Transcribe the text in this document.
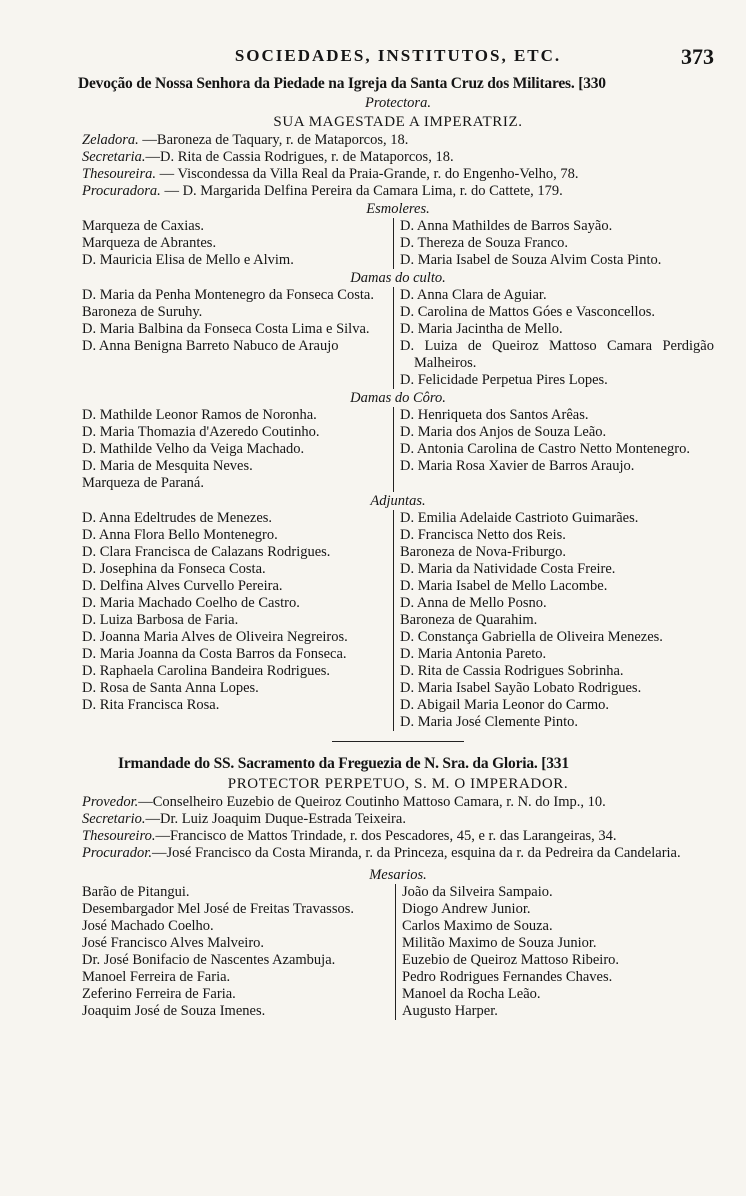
SOCIEDADES, INSTITUTOS, ETC.	373
Devoção de Nossa Senhora da Piedade na Igreja da Santa Cruz dos Militares. [330
Protectora.
SUA MAGESTADE A IMPERATRIZ.
Zeladora. —Baroneza de Taquary, r. de Mataporcos, 18.
Secretaria.—D. Rita de Cassia Rodrigues, r. de Mataporcos, 18.
Thesoureira. — Viscondessa da Villa Real da Praia-Grande, r. do Engenho-Velho, 78.
Procuradora. — D. Margarida Delfina Pereira da Camara Lima, r. do Cattete, 179.
Esmoleres.
Marqueza de Caxias.
Marqueza de Abrantes.
D. Mauricia Elisa de Mello e Alvim.
D. Anna Mathildes de Barros Sayão.
D. Thereza de Souza Franco.
D. Maria Isabel de Souza Alvim Costa Pinto.
Damas do culto.
D. Maria da Penha Montenegro da Fonseca Costa.
Baroneza de Suruhy.
D. Maria Balbina da Fonseca Costa Lima e Silva.
D. Anna Benigna Barreto Nabuco de Araujo
D. Anna Clara de Aguiar.
D. Carolina de Mattos Góes e Vasconcellos.
D. Maria Jacintha de Mello.
D. Luiza de Queiroz Mattoso Camara Perdigão Malheiros.
D. Felicidade Perpetua Pires Lopes.
Damas do Côro.
D. Mathilde Leonor Ramos de Noronha.
D. Maria Thomazia d'Azeredo Coutinho.
D. Mathilde Velho da Veiga Machado.
D. Maria de Mesquita Neves.
Marqueza de Paraná.
D. Henriqueta dos Santos Arêas.
D. Maria dos Anjos de Souza Leão.
D. Antonia Carolina de Castro Netto Montenegro.
D. Maria Rosa Xavier de Barros Araujo.
Adjuntas.
D. Anna Edeltrudes de Menezes.
D. Anna Flora Bello Montenegro.
D. Clara Francisca de Calazans Rodrigues.
D. Josephina da Fonseca Costa.
D. Delfina Alves Curvello Pereira.
D. Maria Machado Coelho de Castro.
D. Luiza Barbosa de Faria.
D. Joanna Maria Alves de Oliveira Negreiros.
D. Maria Joanna da Costa Barros da Fonseca.
D. Raphaela Carolina Bandeira Rodrigues.
D. Rosa de Santa Anna Lopes.
D. Rita Francisca Rosa.
D. Emilia Adelaide Castrioto Guimarães.
D. Francisca Netto dos Reis.
Baroneza de Nova-Friburgo.
D. Maria da Natividade Costa Freire.
D. Maria Isabel de Mello Lacombe.
D. Anna de Mello Posno.
Baroneza de Quarahim.
D. Constança Gabriella de Oliveira Menezes.
D. Maria Antonia Pareto.
D. Rita de Cassia Rodrigues Sobrinha.
D. Maria Isabel Sayão Lobato Rodrigues.
D. Abigail Maria Leonor do Carmo.
D. Maria José Clemente Pinto.
Irmandade do SS. Sacramento da Freguezia de N. Sra. da Gloria. [331
PROTECTOR PERPETUO, S. M. O IMPERADOR.
Provedor.—Conselheiro Euzebio de Queiroz Coutinho Mattoso Camara, r. N. do Imp., 10.
Secretario.—Dr. Luiz Joaquim Duque-Estrada Teixeira.
Thesoureiro.—Francisco de Mattos Trindade, r. dos Pescadores, 45, e r. das Larangeiras, 34.
Procurador.—José Francisco da Costa Miranda, r. da Princeza, esquina da r. da Pedreira da Candelaria.
Mesarios.
Barão de Pitangui.
Desembargador Mel José de Freitas Travassos.
José Machado Coelho.
José Francisco Alves Malveiro.
Dr. José Bonifacio de Nascentes Azambuja.
Manoel Ferreira de Faria.
Zeferino Ferreira de Faria.
Joaquim José de Souza Imenes.
João da Silveira Sampaio.
Diogo Andrew Junior.
Carlos Maximo de Souza.
Militão Maximo de Souza Junior.
Euzebio de Queiroz Mattoso Ribeiro.
Pedro Rodrigues Fernandes Chaves.
Manoel da Rocha Leão.
Augusto Harper.
